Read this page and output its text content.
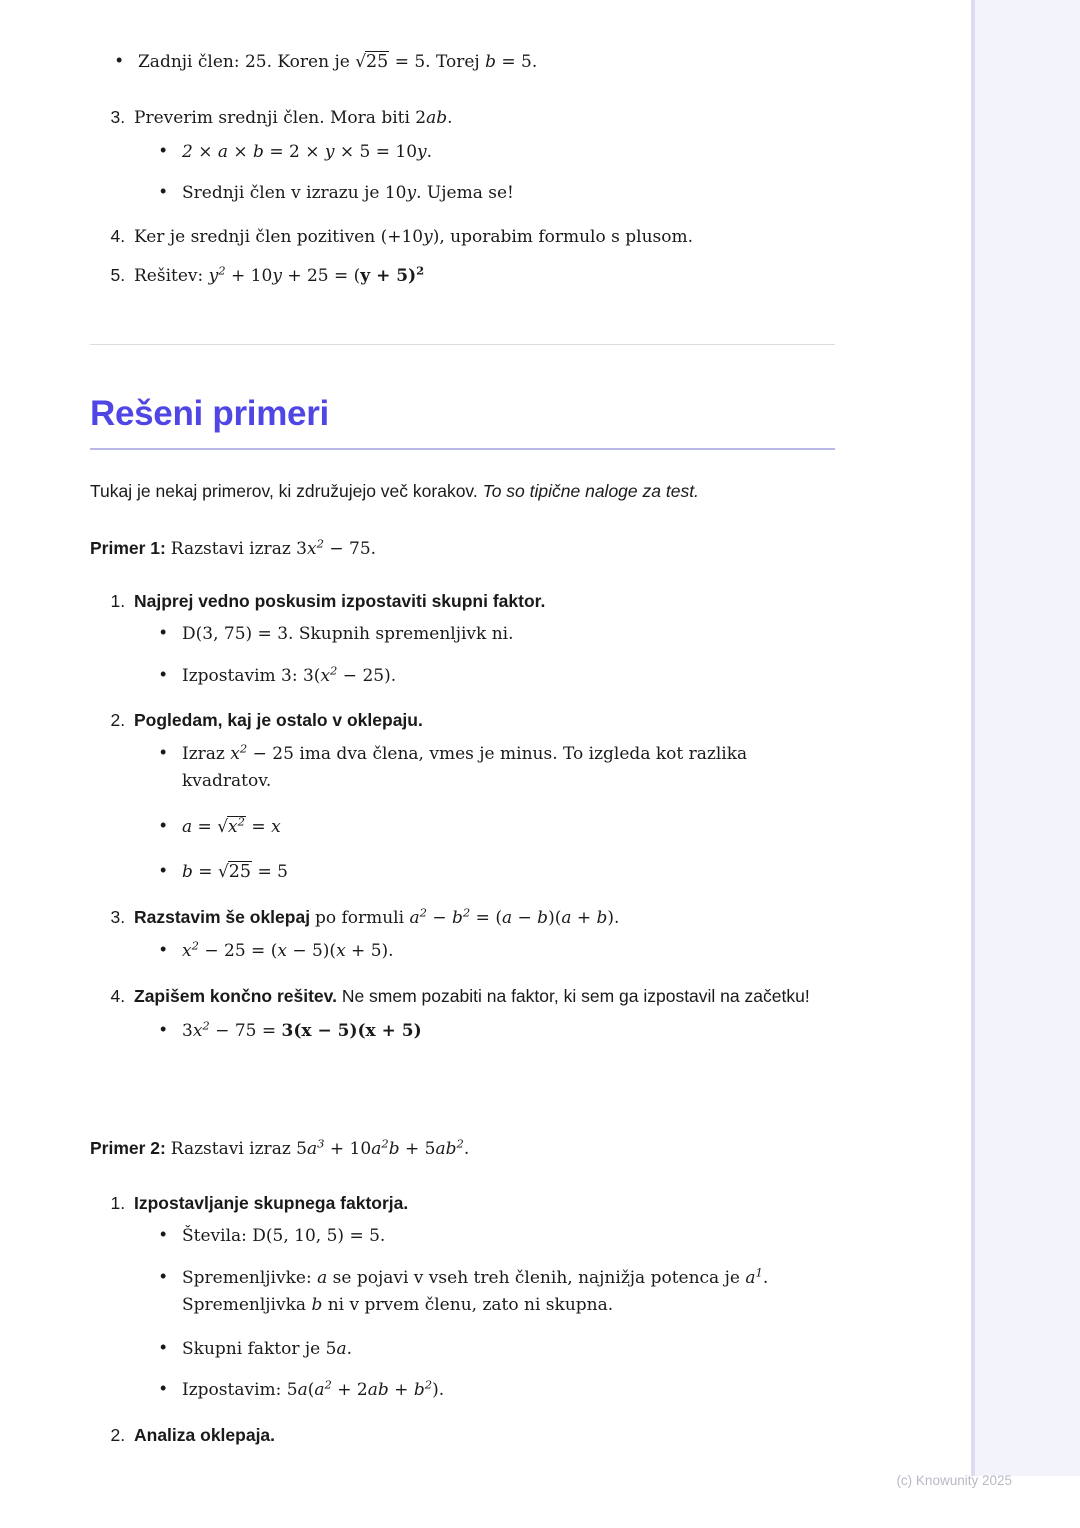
• Zadnji člen: 25. Koren je √25 = 5. Torej b = 5.
3. Preverim srednji člen. Mora biti 2ab.
• 2 × a × b = 2 × y × 5 = 10y.
• Srednji člen v izrazu je 10y. Ujema se!
4. Ker je srednji člen pozitiven (+10y), uporabim formulo s plusom.
5. Rešitev: $y^2 + 10y + 25 = (y + 5)^2$
Rešeni primeri

Tukaj je nekaj primerov, ki združujejo več korakov. To so tipične naloge za test.

Primer 1: Razstavi izraz $3x^2 - 75$.

1. Najprej vedno poskusim izpostaviti skupni faktor.
• D(3, 75) = 3. Skupnih spremenljivk ni.
• Izpostavim 3: $3(x^2 - 25)$.
2. Pogledam, kaj je ostalo v oklepaju.
• Izraz $x^2 - 25$ ima dva člena, vmes je minus. To izgleda kot razlika kvadratov.
• $a = √x^2 = x$
• b = √25 = 5
3. Razstavim še oklepaj po formuli $a^2 - b^2 = (a - b)(a + b)$.
• $x^2 - 25 = (x - 5)(x + 5)$.
4. Zapišem končno rešitev. Ne smem pozabiti na faktor, ki sem ga izpostavil na začetku!
• $3x^2 - 75 = 3(x - 5)(x + 5)$

Primer 2: Razstavi izraz $5a^3 + 10a^2b + 5ab^2$.

1. Izpostavljanje skupnega faktorja.
• Števila: D(5, 10, 5) = 5.
• Spremenljivke: a se pojavi v vseh treh členih, najnižja potenca je $a^1$. Spremenljivka b ni v prvem členu, zato ni skupna.
• Skupni faktor je 5a.
• Izpostavim: $5a(a^2 + 2ab + b^2)$.
2. Analiza oklepaja.
(c) Knowunity 2025
